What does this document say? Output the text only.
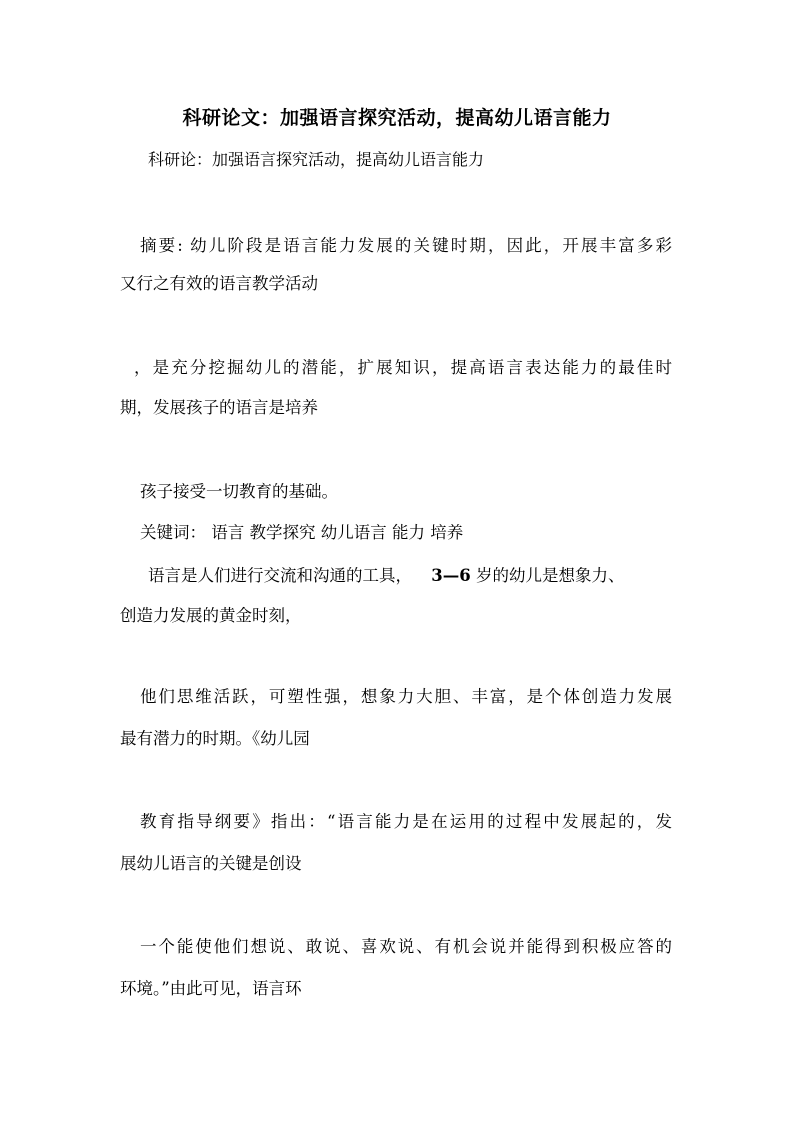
科研论文：加强语言探究活动，提高幼儿语言能力
科研论：加强语言探究活动，提高幼儿语言能力
摘要: 幼儿阶段是语言能力发展的关键时期，因此，开展丰富多彩
又行之有效的语言教学活动
，是充分挖掘幼儿的潜能，扩展知识，提高语言表达能力的最佳时
期，发展孩子的语言是培养
孩子接受一切教育的基础。
关键词： 语言 教学探究 幼儿语言 能力 培养
语言是人们进行交流和沟通的工具， 3—6 岁的幼儿是想象力、
创造力发展的黄金时刻，
他们思维活跃，可塑性强，想象力大胆、丰富，是个体创造力发展
最有潜力的时期。《幼儿园
教育指导纲要》指出：“语言能力是在运用的过程中发展起的，发
展幼儿语言的关键是创设
一个能使他们想说、敢说、喜欢说、有机会说并能得到积极应答的
环境。”由此可见，语言环
